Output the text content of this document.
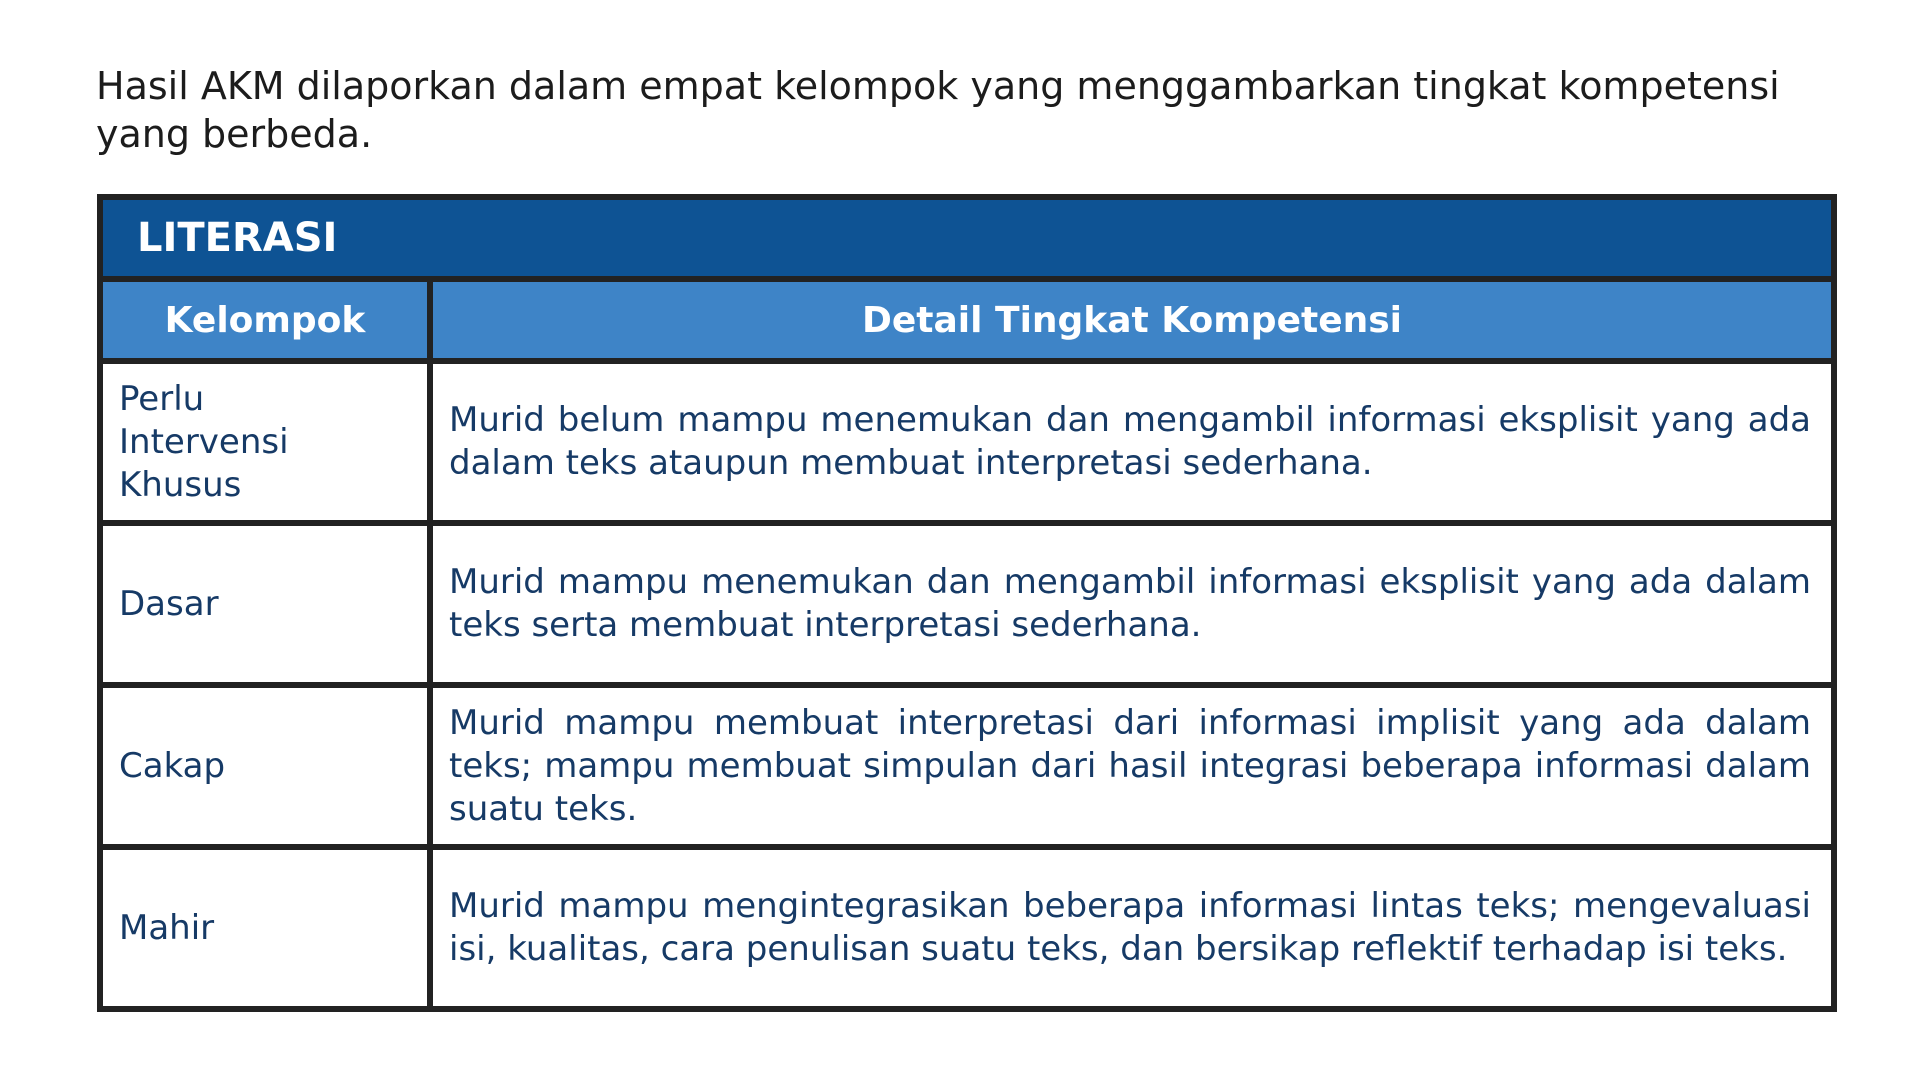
Hasil AKM dilaporkan dalam empat kelompok yang menggambarkan tingkat kompetensi yang berbeda.

LITERASI	
Kelompok	Detail Tingkat Kompetensi
Perlu Intervensi Khusus	Murid belum mampu menemukan dan mengambil informasi eksplisit yang ada dalam teks ataupun membuat interpretasi sederhana.
Dasar	Murid mampu menemukan dan mengambil informasi eksplisit yang ada dalam teks serta membuat interpretasi sederhana.
Cakap	Murid mampu membuat interpretasi dari informasi implisit yang ada dalam teks; mampu membuat simpulan dari hasil integrasi beberapa informasi dalam suatu teks.
Mahir	Murid mampu mengintegrasikan beberapa informasi lintas teks; mengevaluasi isi, kualitas, cara penulisan suatu teks, dan bersikap reflektif terhadap isi teks.
